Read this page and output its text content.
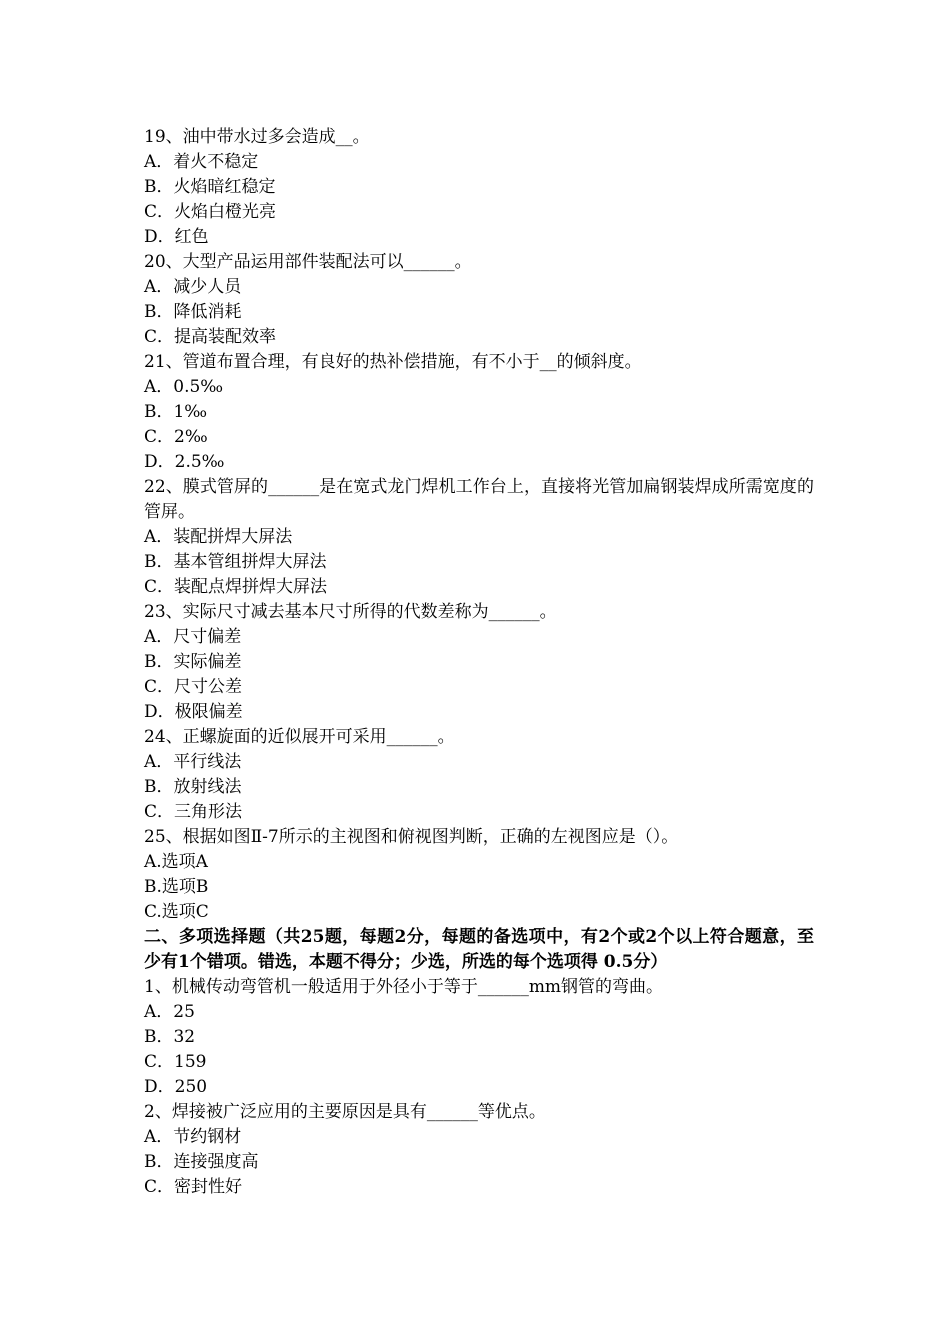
19、油中带水过多会造成__。
A．着火不稳定
B．火焰暗红稳定
C．火焰白橙光亮
D．红色
20、大型产品运用部件装配法可以______。
A．减少人员
B．降低消耗
C．提高装配效率
21、管道布置合理，有良好的热补偿措施，有不小于__的倾斜度。
A．0.5‰
B．1‰
C．2‰
D．2.5‰
22、膜式管屏的______是在宽式龙门焊机工作台上，直接将光管加扁钢装焊成所需宽度的管屏。
A．装配拼焊大屏法
B．基本管组拼焊大屏法
C．装配点焊拼焊大屏法
23、实际尺寸减去基本尺寸所得的代数差称为______。
A．尺寸偏差
B．实际偏差
C．尺寸公差
D．极限偏差
24、正螺旋面的近似展开可采用______。
A．平行线法
B．放射线法
C．三角形法
25、根据如图Ⅱ-7所示的主视图和俯视图判断，正确的左视图应是（）。
A.选项A
B.选项B
C.选项C
二、多项选择题（共25题，每题2分，每题的备选项中，有2个或2个以上符合题意，至少有1个错项。错选，本题不得分；少选，所选的每个选项得 0.5分）
1、机械传动弯管机一般适用于外径小于等于______mm钢管的弯曲。
A．25
B．32
C．159
D．250
2、焊接被广泛应用的主要原因是具有______等优点。
A．节约钢材
B．连接强度高
C．密封性好
